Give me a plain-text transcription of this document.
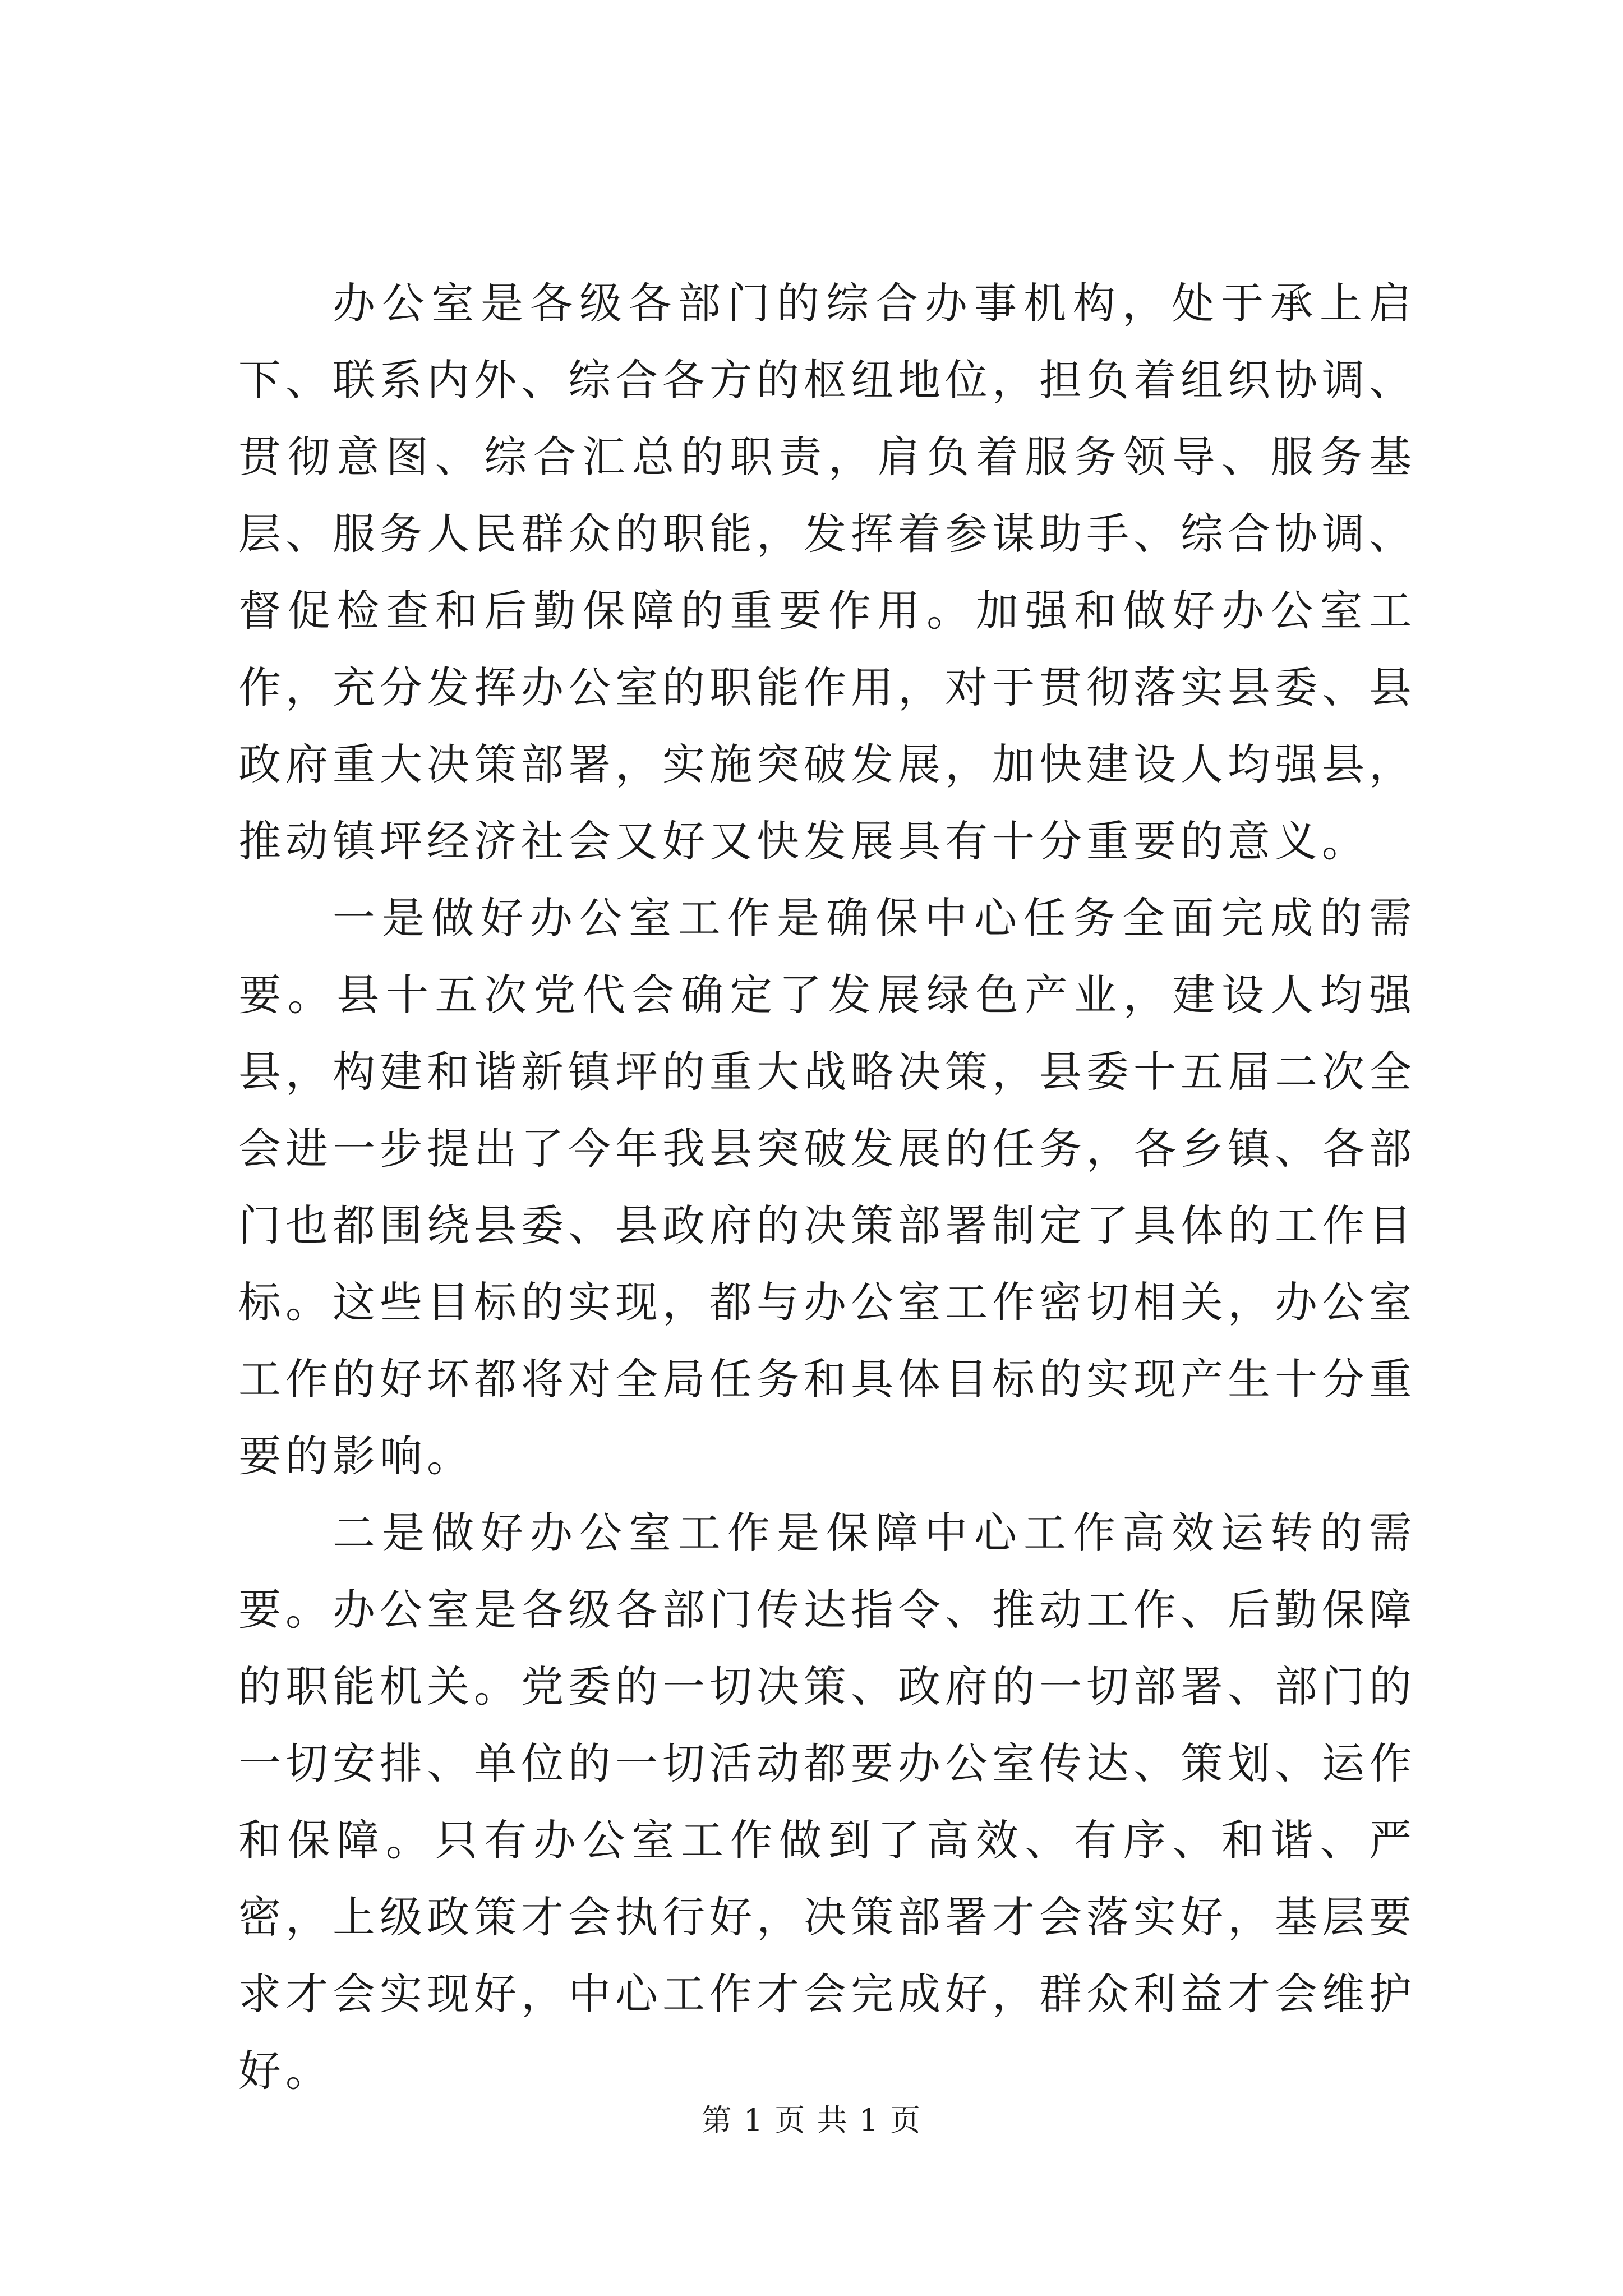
办公室是各级各部门的综合办事机构，处于承上启下、联系内外、综合各方的枢纽地位，担负着组织协调、贯彻意图、综合汇总的职责，肩负着服务领导、服务基层、服务人民群众的职能，发挥着参谋助手、综合协调、督促检查和后勤保障的重要作用。加强和做好办公室工作，充分发挥办公室的职能作用，对于贯彻落实县委、县政府重大决策部署，实施突破发展，加快建设人均强县，推动镇坪经济社会又好又快发展具有十分重要的意义。

一是做好办公室工作是确保中心任务全面完成的需要。县十五次党代会确定了发展绿色产业，建设人均强县，构建和谐新镇坪的重大战略决策，县委十五届二次全会进一步提出了今年我县突破发展的任务，各乡镇、各部门也都围绕县委、县政府的决策部署制定了具体的工作目标。这些目标的实现，都与办公室工作密切相关，办公室工作的好坏都将对全局任务和具体目标的实现产生十分重要的影响。

二是做好办公室工作是保障中心工作高效运转的需要。办公室是各级各部门传达指令、推动工作、后勤保障的职能机关。党委的一切决策、政府的一切部署、部门的一切安排、单位的一切活动都要办公室传达、策划、运作和保障。只有办公室工作做到了高效、有序、和谐、严密，上级政策才会执行好，决策部署才会落实好，基层要求才会实现好，中心工作才会完成好，群众利益才会维护好。

第 1 页 共 1 页
